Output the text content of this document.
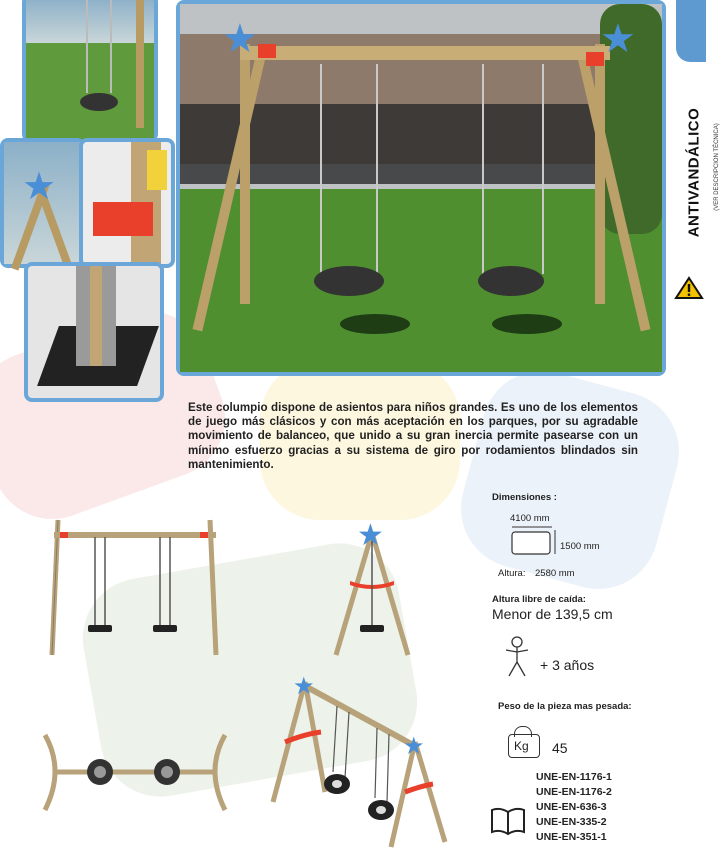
ANTIVANDÁLICO (VER DESCRIPCION TÉCNICA)
★
★	★
Este columpio dispone de asientos para niños grandes. Es uno de los elementos de juego más clásicos y con más aceptación en los parques, por su agradable movimiento de balanceo, que unido a su gran inercia permite pasearse con un mínimo esfuerzo gracias a su sistema de giro por rodamientos blindados sin mantenimiento.
★
★
★
Dimensiones :
4100 mm
1500 mm
Altura: 2580 mm
Altura libre de caída:
Menor de 139,5 cm
+ 3 años
Peso de la pieza mas pesada:
Kg 45
UNE-EN-1176-1
UNE-EN-1176-2
UNE-EN-636-3
UNE-EN-335-2
UNE-EN-351-1
